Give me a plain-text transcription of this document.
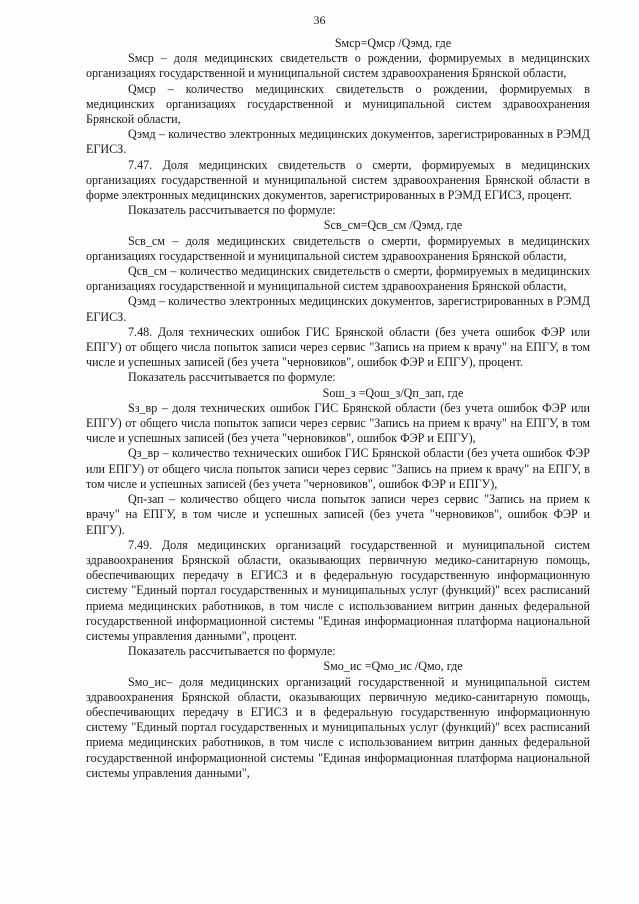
36

Sмср=Qмср /Qэмд, где

Sмср – доля медицинских свидетельств о рождении, формируемых в медицинских организациях государственной и муниципальной систем здравоохранения Брянской области,

Qмср – количество медицинских свидетельств о рождении, формируемых в медицинских организациях государственной и муниципальной систем здравоохранения Брянской области,

Qэмд – количество электронных медицинских документов, зарегистрированных в РЭМД ЕГИСЗ.

7.47. Доля медицинских свидетельств о смерти, формируемых в медицинских организациях государственной и муниципальной систем здравоохранения Брянской области в форме электронных медицинских документов, зарегистрированных в РЭМД ЕГИСЗ, процент.

Показатель рассчитывается по формуле:

Sсв_см=Qсв_см /Qэмд, где

Sсв_см – доля медицинских свидетельств о смерти, формируемых в медицинских организациях государственной и муниципальной систем здравоохранения Брянской области,

Qсв_см – количество медицинских свидетельств о смерти, формируемых в медицинских организациях государственной и муниципальной систем здравоохранения Брянской области,

Qэмд – количество электронных медицинских документов, зарегистрированных в РЭМД ЕГИСЗ.

7.48. Доля технических ошибок ГИС Брянской области (без учета ошибок ФЭР или ЕПГУ) от общего числа попыток записи через сервис "Запись на прием к врачу" на ЕПГУ, в том числе и успешных записей (без учета "черновиков", ошибок ФЭР и ЕПГУ), процент.

Показатель рассчитывается по формуле:

Sош_з =Qош_з/Qп_зап, где

Sз_вр – доля технических ошибок ГИС Брянской области (без учета ошибок ФЭР или ЕПГУ) от общего числа попыток записи через сервис "Запись на прием к врачу" на ЕПГУ, в том числе и успешных записей (без учета "черновиков", ошибок ФЭР и ЕПГУ),

Qз_вр – количество технических ошибок ГИС Брянской области (без учета ошибок ФЭР или ЕПГУ) от общего числа попыток записи через сервис "Запись на прием к врачу" на ЕПГУ, в том числе и успешных записей (без учета "черновиков", ошибок ФЭР и ЕПГУ),

Qп-зап – количество общего числа попыток записи через сервис "Запись на прием к врачу" на ЕПГУ, в том числе и успешных записей (без учета "черновиков", ошибок ФЭР и ЕПГУ).

7.49. Доля медицинских организаций государственной и муниципальной систем здравоохранения Брянской области, оказывающих первичную медико-санитарную помощь, обеспечивающих передачу в ЕГИСЗ и в федеральную государственную информационную систему "Единый портал государственных и муниципальных услуг (функций)" всех расписаний приема медицинских работников, в том числе с использованием витрин данных федеральной государственной информационной системы "Единая информационная платформа национальной системы управления данными", процент.

Показатель рассчитывается по формуле:

Sмо_ис =Qмо_ис /Qмо, где

Sмо_ис– доля медицинских организаций государственной и муниципальной систем здравоохранения Брянской области, оказывающих первичную медико-санитарную помощь, обеспечивающих передачу в ЕГИСЗ и в федеральную государственную информационную систему "Единый портал государственных и муниципальных услуг (функций)" всех расписаний приема медицинских работников, в том числе с использованием витрин данных федеральной государственной информационной системы "Единая информационная платформа национальной системы управления данными",
